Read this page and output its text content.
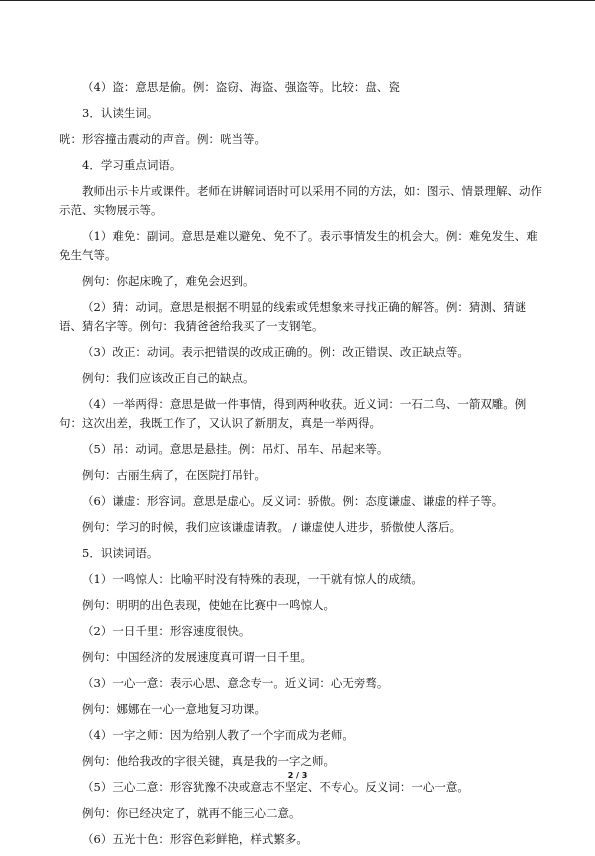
（4）盗：意思是偷。例：盗窃、海盗、强盗等。比较：盘、瓷

3．认读生词。

咣：形容撞击震动的声音。例：咣当等。

4．学习重点词语。

教师出示卡片或课件。老师在讲解词语时可以采用不同的方法，如：图示、情景理解、动作示范、实物展示等。

（1）难免：副词。意思是难以避免、免不了。表示事情发生的机会大。例：难免发生、难免生气等。

例句：你起床晚了，难免会迟到。

（2）猜：动词。意思是根据不明显的线索或凭想象来寻找正确的解答。例：猜测、猜谜语、猜名字等。例句：我猜爸爸给我买了一支钢笔。

（3）改正：动词。表示把错误的改成正确的。例：改正错误、改正缺点等。

例句：我们应该改正自己的缺点。

（4）一举两得：意思是做一件事情，得到两种收获。近义词：一石二鸟、一箭双雕。例句：这次出差，我既工作了，又认识了新朋友，真是一举两得。

（5）吊：动词。意思是悬挂。例：吊灯、吊车、吊起来等。

例句：古丽生病了，在医院打吊针。

（6）谦虚：形容词。意思是虚心。反义词：骄傲。例：态度谦虚、谦虚的样子等。

例句：学习的时候，我们应该谦虚请教。 / 谦虚使人进步，骄傲使人落后。

5．识读词语。

（1）一鸣惊人：比喻平时没有特殊的表现，一干就有惊人的成绩。

例句：明明的出色表现，使她在比赛中一鸣惊人。

（2）一日千里：形容速度很快。

例句：中国经济的发展速度真可谓一日千里。

（3）一心一意：表示心思、意念专一。近义词：心无旁骛。

例句：娜娜在一心一意地复习功课。

（4）一字之师：因为给别人教了一个字而成为老师。

例句：他给我改的字很关键，真是我的一字之师。

（5）三心二意：形容犹豫不决或意志不坚定、不专心。反义词：一心一意。

例句：你已经决定了，就再不能三心二意。

（6）五光十色：形容色彩鲜艳，样式繁多。

2 / 3
